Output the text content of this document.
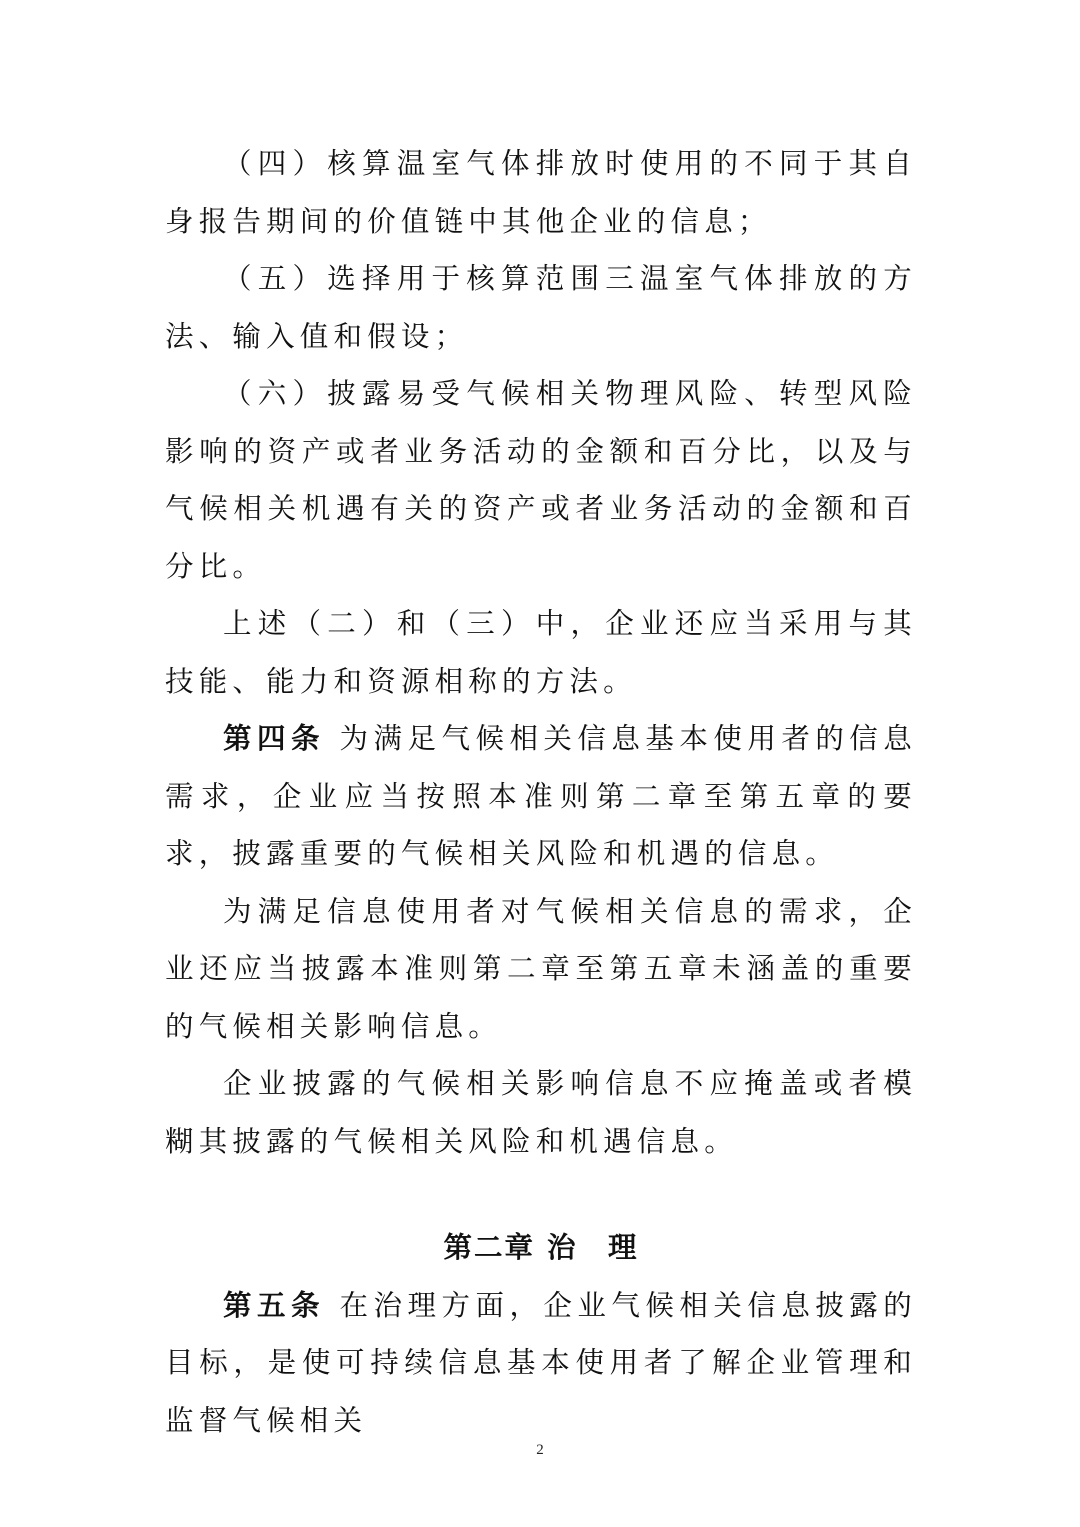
（四）核算温室气体排放时使用的不同于其自身报告期间的价值链中其他企业的信息；

（五）选择用于核算范围三温室气体排放的方法、输入值和假设；

（六）披露易受气候相关物理风险、转型风险影响的资产或者业务活动的金额和百分比，以及与气候相关机遇有关的资产或者业务活动的金额和百分比。

上述（二）和（三）中，企业还应当采用与其技能、能力和资源相称的方法。

第四条 为满足气候相关信息基本使用者的信息需求，企业应当按照本准则第二章至第五章的要求，披露重要的气候相关风险和机遇的信息。

为满足信息使用者对气候相关信息的需求，企业还应当披露本准则第二章至第五章未涵盖的重要的气候相关影响信息。

企业披露的气候相关影响信息不应掩盖或者模糊其披露的气候相关风险和机遇信息。

第二章 治　理

第五条 在治理方面，企业气候相关信息披露的目标，是使可持续信息基本使用者了解企业管理和监督气候相关

2
